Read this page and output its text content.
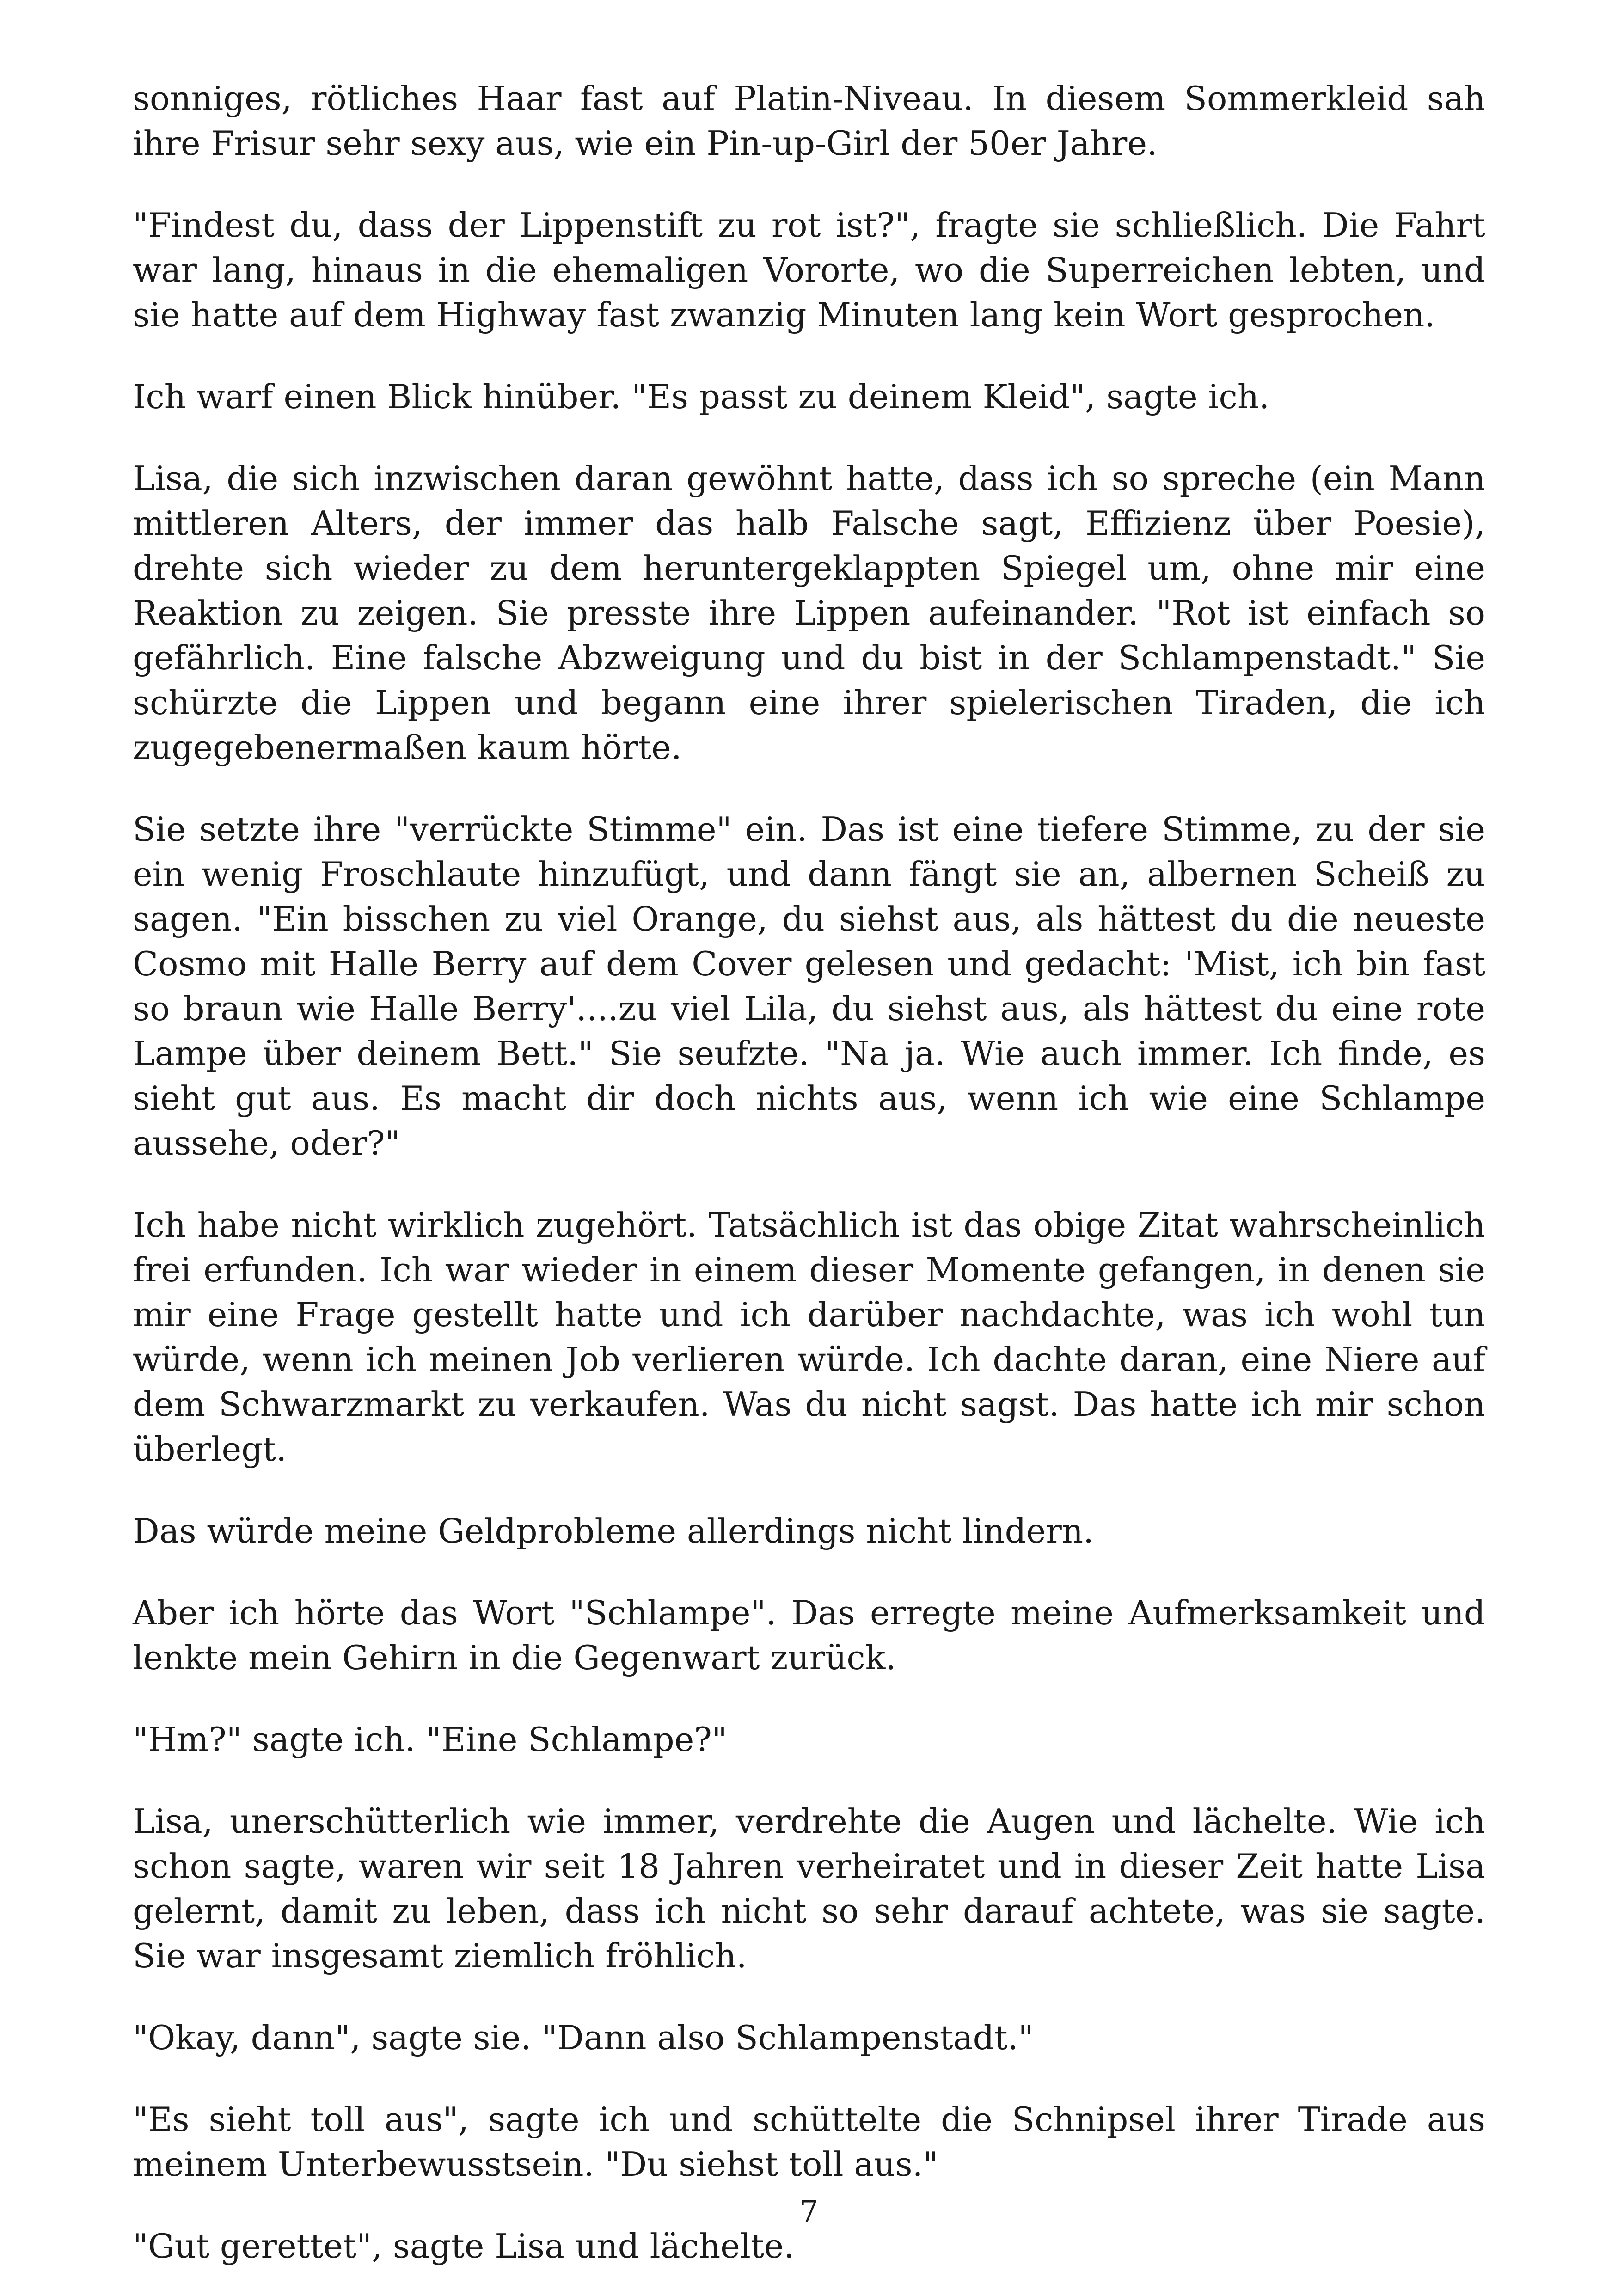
sonniges, rötliches Haar fast auf Platin-Niveau. In diesem Sommerkleid sah ihre Frisur sehr sexy aus, wie ein Pin-up-Girl der 50er Jahre.

"Findest du, dass der Lippenstift zu rot ist?", fragte sie schließlich. Die Fahrt war lang, hinaus in die ehemaligen Vororte, wo die Superreichen lebten, und sie hatte auf dem Highway fast zwanzig Minuten lang kein Wort gesprochen.

Ich warf einen Blick hinüber. "Es passt zu deinem Kleid", sagte ich.

Lisa, die sich inzwischen daran gewöhnt hatte, dass ich so spreche (ein Mann mittleren Alters, der immer das halb Falsche sagt, Effizienz über Poesie), drehte sich wieder zu dem heruntergeklappten Spiegel um, ohne mir eine Reaktion zu zeigen. Sie presste ihre Lippen aufeinander. "Rot ist einfach so gefährlich. Eine falsche Abzweigung und du bist in der Schlampenstadt." Sie schürzte die Lippen und begann eine ihrer spielerischen Tiraden, die ich zugegebenermaßen kaum hörte.

Sie setzte ihre "verrückte Stimme" ein. Das ist eine tiefere Stimme, zu der sie ein wenig Froschlaute hinzufügt, und dann fängt sie an, albernen Scheiß zu sagen. "Ein bisschen zu viel Orange, du siehst aus, als hättest du die neueste Cosmo mit Halle Berry auf dem Cover gelesen und gedacht: 'Mist, ich bin fast so braun wie Halle Berry'....zu viel Lila, du siehst aus, als hättest du eine rote Lampe über deinem Bett." Sie seufzte. "Na ja. Wie auch immer. Ich finde, es sieht gut aus. Es macht dir doch nichts aus, wenn ich wie eine Schlampe aussehe, oder?"

Ich habe nicht wirklich zugehört. Tatsächlich ist das obige Zitat wahrscheinlich frei erfunden. Ich war wieder in einem dieser Momente gefangen, in denen sie mir eine Frage gestellt hatte und ich darüber nachdachte, was ich wohl tun würde, wenn ich meinen Job verlieren würde. Ich dachte daran, eine Niere auf dem Schwarzmarkt zu verkaufen. Was du nicht sagst. Das hatte ich mir schon überlegt.

Das würde meine Geldprobleme allerdings nicht lindern.

Aber ich hörte das Wort "Schlampe". Das erregte meine Aufmerksamkeit und lenkte mein Gehirn in die Gegenwart zurück.

"Hm?" sagte ich. "Eine Schlampe?"

Lisa, unerschütterlich wie immer, verdrehte die Augen und lächelte. Wie ich schon sagte, waren wir seit 18 Jahren verheiratet und in dieser Zeit hatte Lisa gelernt, damit zu leben, dass ich nicht so sehr darauf achtete, was sie sagte. Sie war insgesamt ziemlich fröhlich.

"Okay, dann", sagte sie. "Dann also Schlampenstadt."

"Es sieht toll aus", sagte ich und schüttelte die Schnipsel ihrer Tirade aus meinem Unterbewusstsein. "Du siehst toll aus."

"Gut gerettet", sagte Lisa und lächelte.

7
